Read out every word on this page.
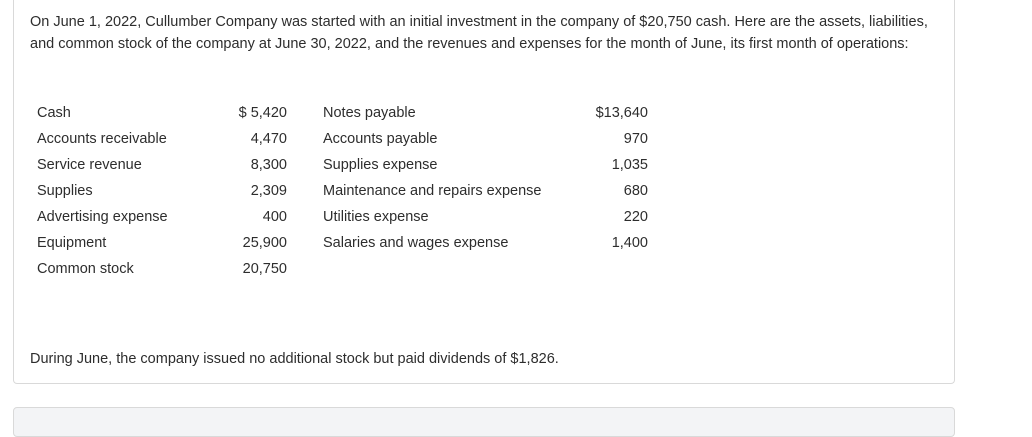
On June 1, 2022, Cullumber Company was started with an initial investment in the company of $20,750 cash. Here are the assets, liabilities, and common stock of the company at June 30, 2022, and the revenues and expenses for the month of June, its first month of operations:

Cash	$ 5,420		Notes payable	$13,640
Accounts receivable	4,470		Accounts payable	970
Service revenue	8,300		Supplies expense	1,035
Supplies	2,309		Maintenance and repairs expense	680
Advertising expense	400		Utilities expense	220
Equipment	25,900		Salaries and wages expense	1,400
Common stock	20,750			

During June, the company issued no additional stock but paid dividends of $1,826.
